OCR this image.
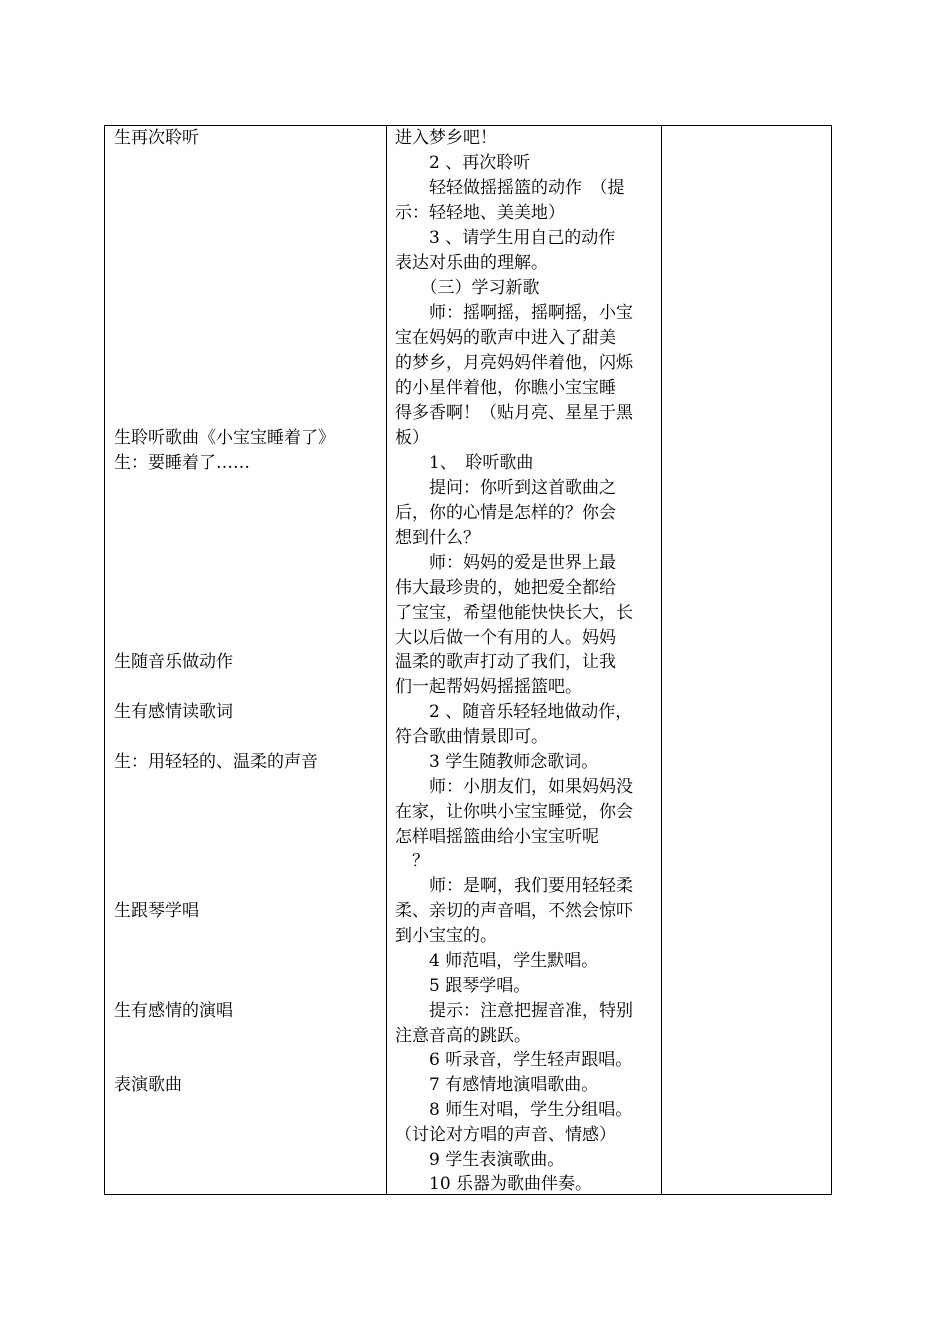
生再次聆听
生聆听歌曲《小宝宝睡着了》
生：要睡着了……
生随音乐做动作
生有感情读歌词
生：用轻轻的、温柔的声音
生跟琴学唱
生有感情的演唱
表演歌曲
进入梦乡吧！
　　2 、再次聆听
　　轻轻做摇摇篮的动作　（提
示：轻轻地、美美地）
　　3 、请学生用自己的动作
表达对乐曲的理解。
　　（三）学习新歌
　　师：摇啊摇，摇啊摇，小宝
宝在妈妈的歌声中进入了甜美
的梦乡，月亮妈妈伴着他，闪烁
的小星伴着他，你瞧小宝宝睡
得多香啊！（贴月亮、星星于黑
板）
　　1、　聆听歌曲
　　提问：你听到这首歌曲之
后，你的心情是怎样的？你会
想到什么？
　　师：妈妈的爱是世界上最
伟大最珍贵的，她把爱全都给
了宝宝，希望他能快快长大，长
大以后做一个有用的人。妈妈
温柔的歌声打动了我们，让我
们一起帮妈妈摇摇篮吧。
　　2 、随音乐轻轻地做动作，
符合歌曲情景即可。
　　3 学生随教师念歌词。
　　师：小朋友们，如果妈妈没
在家，让你哄小宝宝睡觉，你会
怎样唱摇篮曲给小宝宝听呢
　？
　　师：是啊，我们要用轻轻柔
柔、亲切的声音唱，不然会惊吓
到小宝宝的。
　　4 师范唱，学生默唱。
　　5 跟琴学唱。
　　提示：注意把握音准，特别
注意音高的跳跃。
　　6 听录音，学生轻声跟唱。
　　7 有感情地演唱歌曲。
　　8 师生对唱，学生分组唱。
（讨论对方唱的声音、情感）
　　9 学生表演歌曲。
　　10 乐器为歌曲伴奏。
